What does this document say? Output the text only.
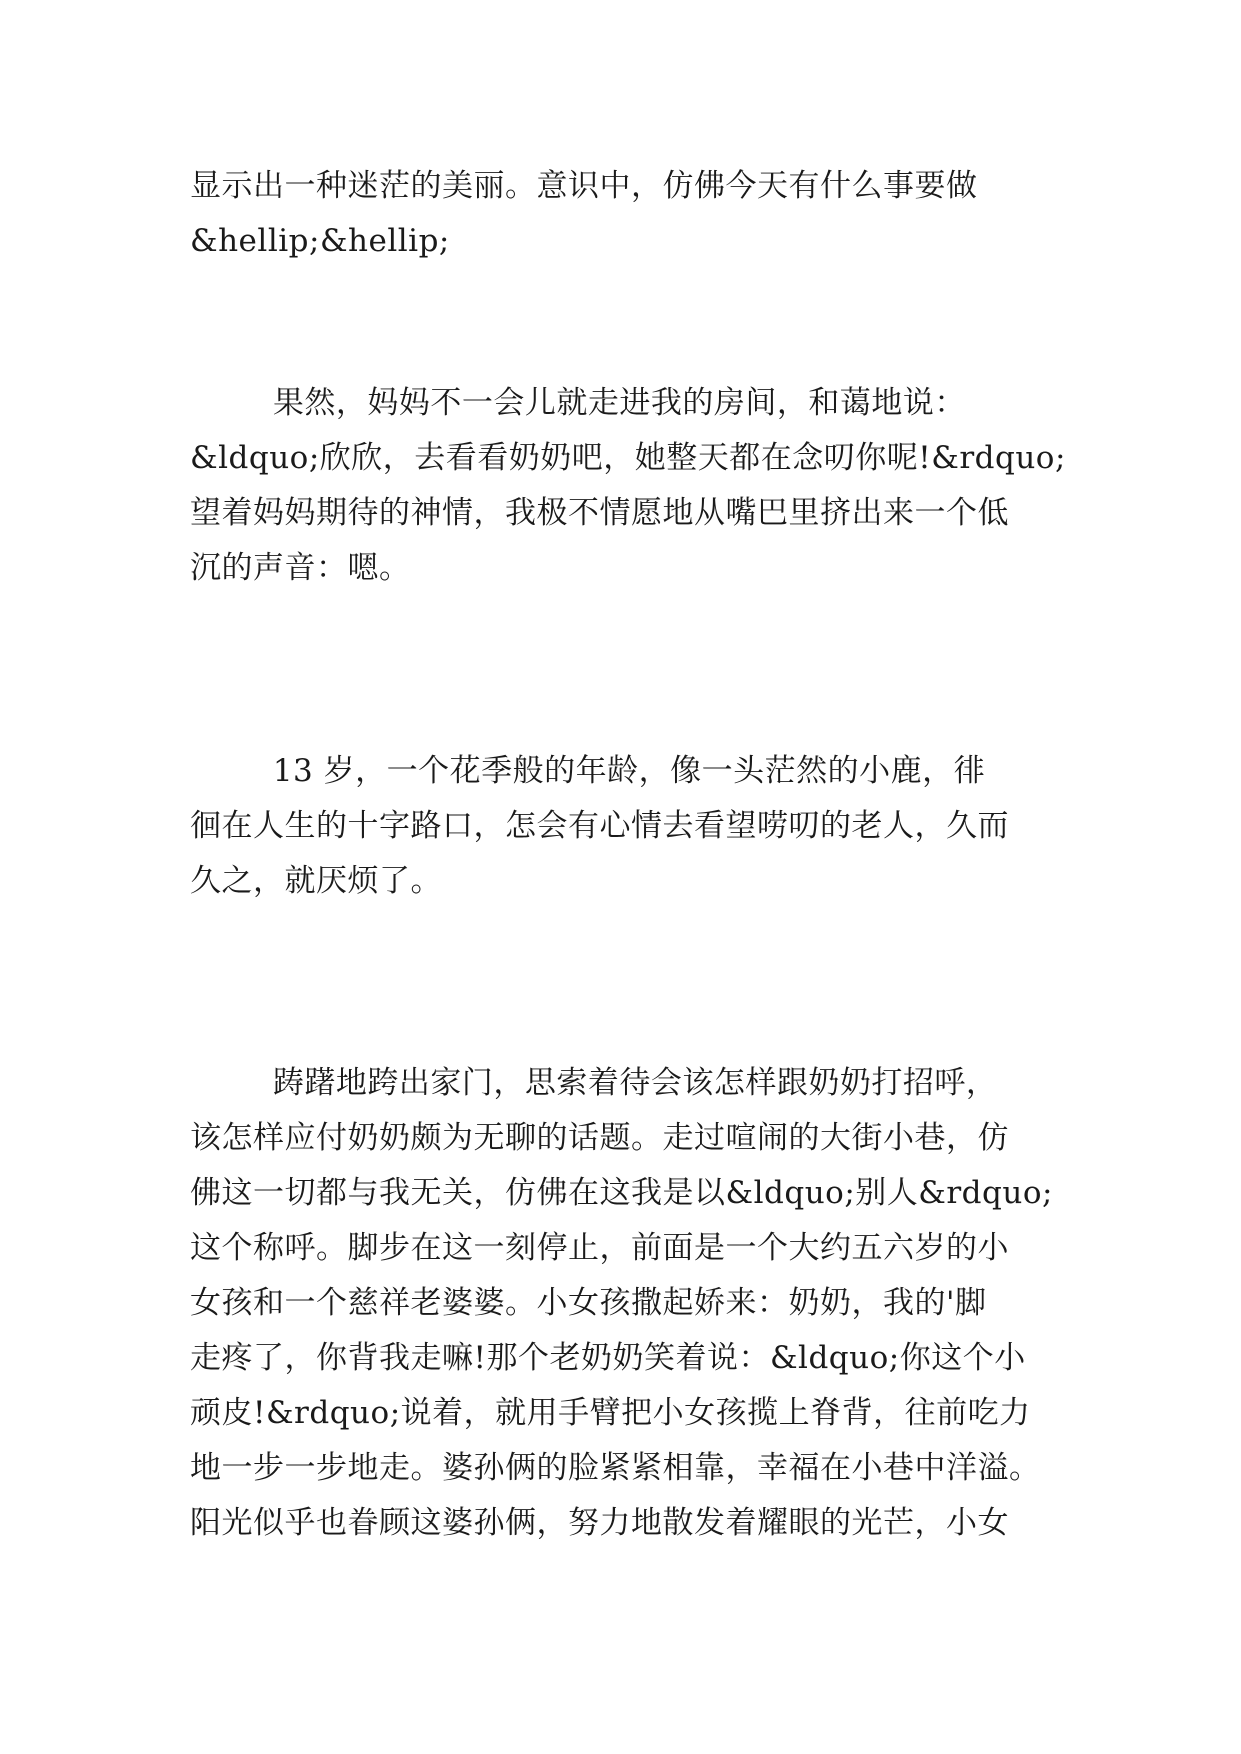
显示出一种迷茫的美丽。意识中，仿佛今天有什么事要做
&hellip;&hellip;
果然，妈妈不一会儿就走进我的房间，和蔼地说：
&ldquo;欣欣，去看看奶奶吧，她整天都在念叨你呢!&rdquo;
望着妈妈期待的神情，我极不情愿地从嘴巴里挤出来一个低
沉的声音：嗯。
13 岁，一个花季般的年龄，像一头茫然的小鹿，徘
徊在人生的十字路口，怎会有心情去看望唠叨的老人，久而
久之，就厌烦了。
踌躇地跨出家门，思索着待会该怎样跟奶奶打招呼，
该怎样应付奶奶颇为无聊的话题。走过喧闹的大街小巷，仿
佛这一切都与我无关，仿佛在这我是以&ldquo;别人&rdquo;
这个称呼。脚步在这一刻停止，前面是一个大约五六岁的小
女孩和一个慈祥老婆婆。小女孩撒起娇来：奶奶，我的'脚
走疼了，你背我走嘛!那个老奶奶笑着说：&ldquo;你这个小
顽皮!&rdquo;说着，就用手臂把小女孩揽上脊背，往前吃力
地一步一步地走。婆孙俩的脸紧紧相靠，幸福在小巷中洋溢。
阳光似乎也眷顾这婆孙俩，努力地散发着耀眼的光芒，小女
